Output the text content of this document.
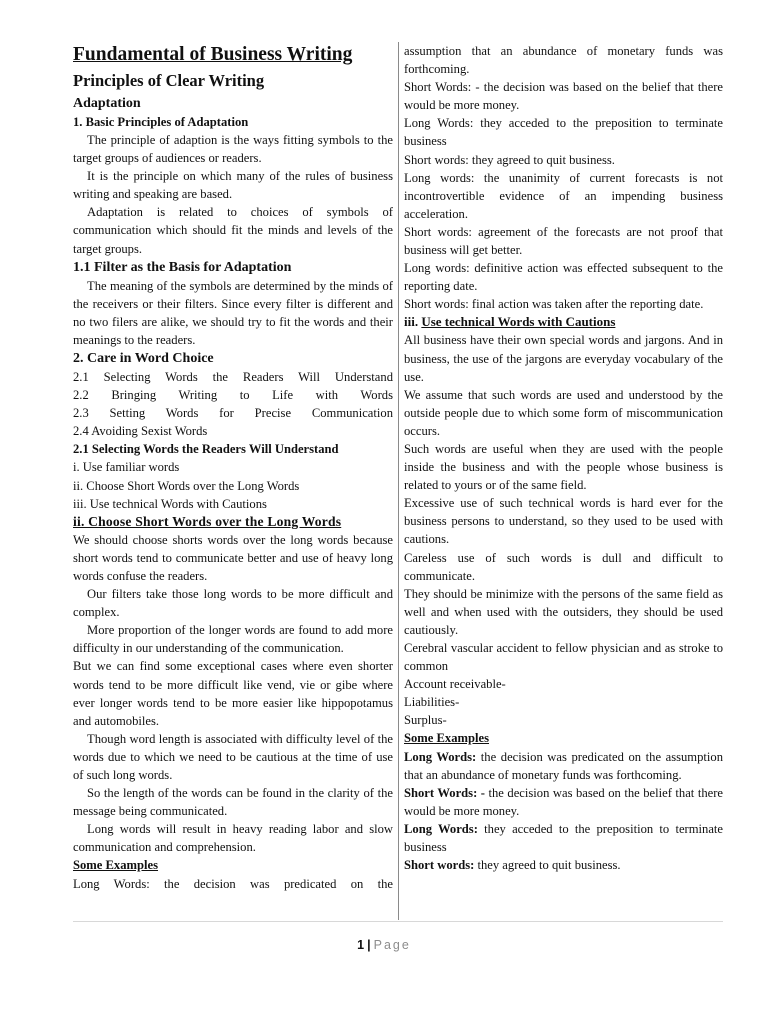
Fundamental of Business Writing
Principles of Clear Writing
Adaptation
1. Basic Principles of Adaptation

The principle of adaption is the ways fitting symbols to the target groups of audiences or readers.

It is the principle on which many of the rules of business writing and speaking are based.

Adaptation is related to choices of symbols of communication which should fit the minds and levels of the target groups.

1.1 Filter as the Basis for Adaptation

The meaning of the symbols are determined by the minds of the receivers or their filters. Since every filter is different and no two filers are alike, we should try to fit the words and their meanings to the readers.

2. Care in Word Choice

2.1 Selecting Words the Readers Will Understand

2.2 Bringing Writing to Life with Words

2.3 Setting Words for Precise Communication

2.4 Avoiding Sexist Words

2.1 Selecting Words the Readers Will Understand

i. Use familiar words

ii. Choose Short Words over the Long Words

iii. Use technical Words with Cautions

ii. Choose Short Words over the Long Words

We should choose shorts words over the long words because short words tend to communicate better and use of heavy long words confuse the readers.

Our filters take those long words to be more difficult and complex.

More proportion of the longer words are found to add more difficulty in our understanding of the communication.

But we can find some exceptional cases where even shorter words tend to be more difficult like vend, vie or gibe where ever longer words tend to be more easier like hippopotamus and automobiles.

Though word length is associated with difficulty level of the words due to which we need to be cautious at the time of use of such long words.

So the length of the words can be found in the clarity of the message being communicated.

Long words will result in heavy reading labor and slow communication and comprehension.

Some Examples

Long Words: the decision was predicated on the

assumption that an abundance of monetary funds was forthcoming.

Short Words: - the decision was based on the belief that there would be more money.

Long Words: they acceded to the preposition to terminate business

Short words: they agreed to quit business.

Long words: the unanimity of current forecasts is not incontrovertible evidence of an impending business acceleration.

Short words: agreement of the forecasts are not proof that business will get better.

Long words: definitive action was effected subsequent to the reporting date.

Short words: final action was taken after the reporting date.

iii. Use technical Words with Cautions

All business have their own special words and jargons. And in business, the use of the jargons are everyday vocabulary of the use.

We assume that such words are used and understood by the outside people due to which some form of miscommunication occurs.

Such words are useful when they are used with the people inside the business and with the people whose business is related to yours or of the same field.

Excessive use of such technical words is hard ever for the business persons to understand, so they used to be used with cautions.

Careless use of such words is dull and difficult to communicate.

They should be minimize with the persons of the same field as well and when used with the outsiders, they should be used cautiously.

Cerebral vascular accident to fellow physician and as stroke to common

Account receivable-

Liabilities-

Surplus-

Some Examples

Long Words: the decision was predicated on the assumption that an abundance of monetary funds was forthcoming.

Short Words: - the decision was based on the belief that there would be more money.

Long Words: they acceded to the preposition to terminate business

Short words: they agreed to quit business.

1 | Page
